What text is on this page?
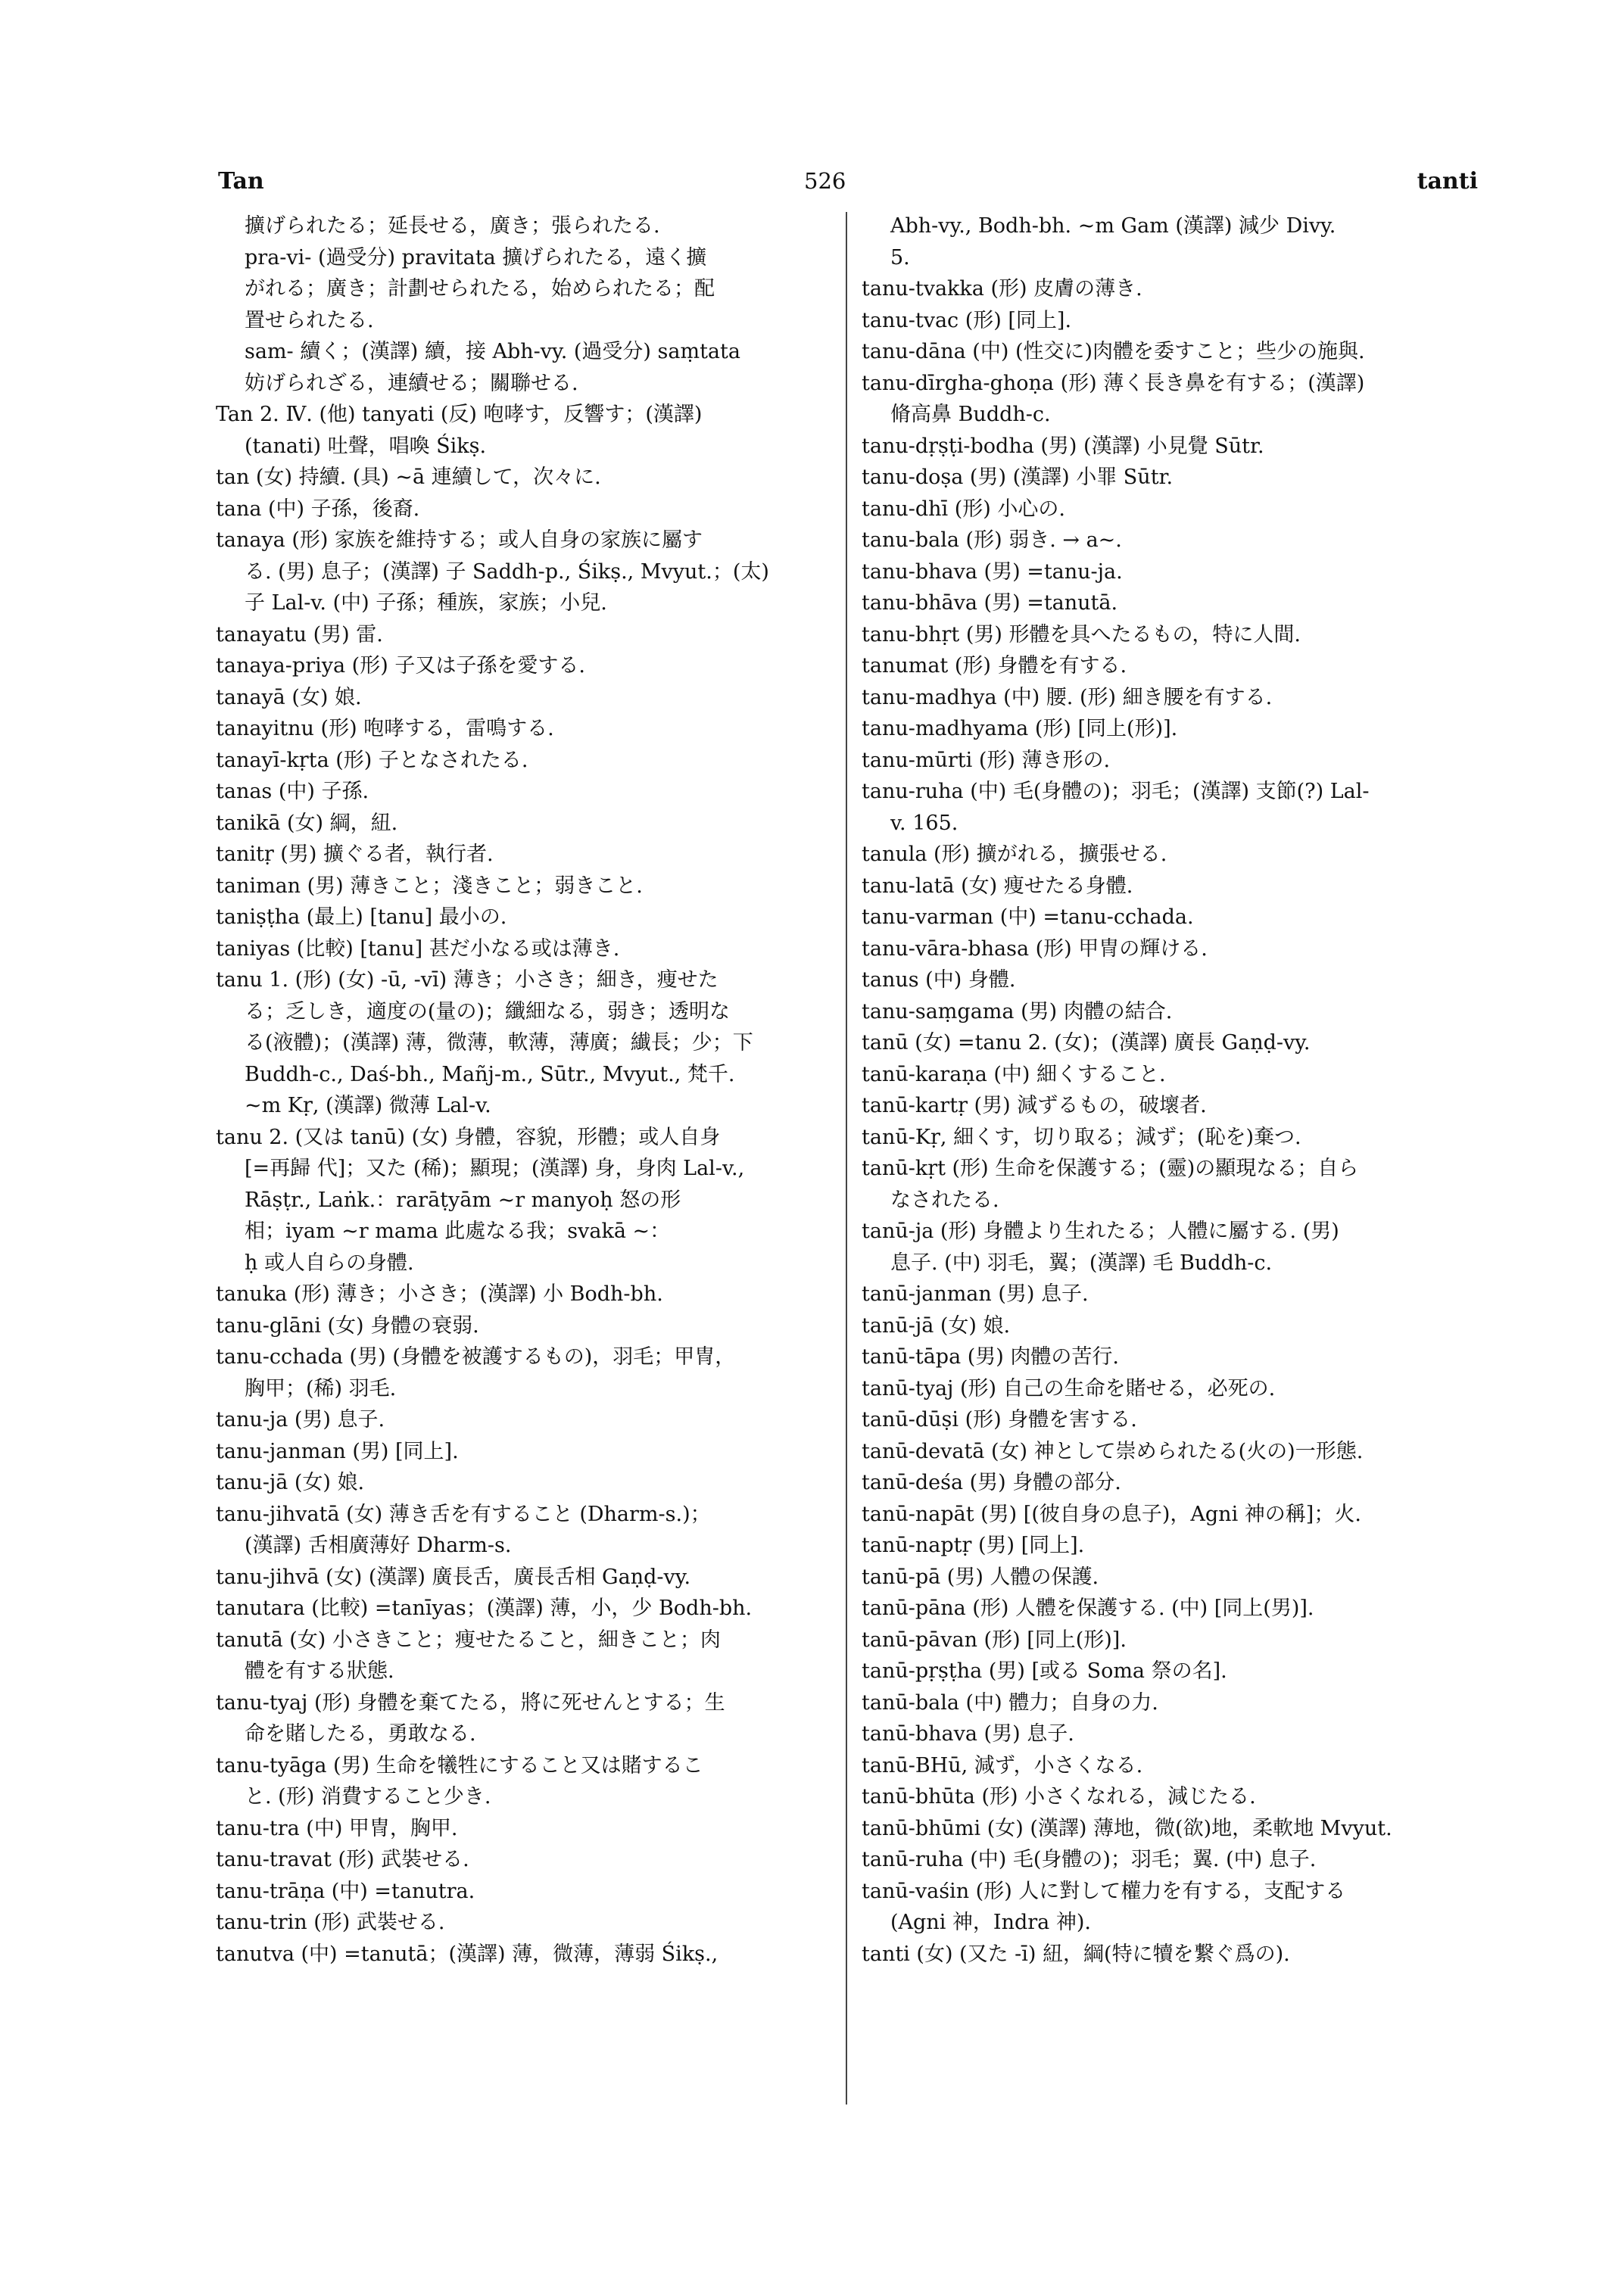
Tan	526	tanti
擴げられたる；延長せる，廣き；張られたる.
pra-vi- (過受分) pravitata 擴げられたる，遠く擴
がれる；廣き；計劃せられたる，始められたる；配
置せられたる.
sam- 續く；(漢譯) 續，接 Abh-vy. (過受分) saṃtata
妨げられざる，連續せる；關聯せる.
Tan 2. Ⅳ. (他) tanyati (反) 咆哮す，反響す；(漢譯)
(tanati) 吐聲，唱喚 Śikṣ.
tan (女) 持續. (具) ~ā 連續して，次々に.
tana (中) 子孫，後裔.
tanaya (形) 家族を維持する；或人自身の家族に屬す
る. (男) 息子；(漢譯) 子 Saddh-p., Śikṣ., Mvyut.；(太)
子 Lal-v. (中) 子孫；種族，家族；小兒.
tanayatu (男) 雷.
tanaya-priya (形) 子又は子孫を愛する.
tanayā (女) 娘.
tanayitnu (形) 咆哮する，雷鳴する.
tanayī-kṛta (形) 子となされたる.
tanas (中) 子孫.
tanikā (女) 綱，紐.
tanitṛ (男) 擴ぐる者，執行者.
taniman (男) 薄きこと；淺きこと；弱きこと.
taniṣṭha (最上) [tanu] 最小の.
taniyas (比較) [tanu] 甚だ小なる或は薄き.
tanu 1. (形) (女) -ū, -vī) 薄き；小さき；細き，痩せた
る；乏しき，適度の(量の)；纖細なる，弱き；透明な
る(液體)；(漢譯) 薄，微薄，軟薄，薄廣；纎長；少；下
Buddh-c., Daś-bh., Mañj-m., Sūtr., Mvyut., 梵千.
~m Kṛ, (漢譯) 微薄 Lal-v.
tanu 2. (又は tanū) (女) 身體，容貌，形體；或人自身
[=再歸 代]；又た (稀)；顯現；(漢譯) 身，身肉 Lal-v.,
Rāṣṭr., Laṅk.：rarāṭyām ~r manyoḥ 怒の形
相；iyam ~r mama 此處なる我；svakā ~：
ḥ 或人自らの身體.
tanuka (形) 薄き；小さき；(漢譯) 小 Bodh-bh.
tanu-glāni (女) 身體の衰弱.
tanu-cchada (男) (身體を被護するもの)，羽毛；甲冑，
胸甲；(稀) 羽毛.
tanu-ja (男) 息子.
tanu-janman (男) [同上].
tanu-jā (女) 娘.
tanu-jihvatā (女) 薄き舌を有すること (Dharm-s.)；
(漢譯) 舌相廣薄好 Dharm-s.
tanu-jihvā (女) (漢譯) 廣長舌，廣長舌相 Gaṇḍ-vy.
tanutara (比較) =tanīyas；(漢譯) 薄，小，少 Bodh-bh.
tanutā (女) 小さきこと；痩せたること，細きこと；肉
體を有する狀態.
tanu-tyaj (形) 身體を棄てたる，將に死せんとする；生
命を賭したる，勇敢なる.
tanu-tyāga (男) 生命を犧牲にすること又は賭するこ
と. (形) 消費すること少き.
tanu-tra (中) 甲冑，胸甲.
tanu-travat (形) 武裝せる.
tanu-trāṇa (中) =tanutra.
tanu-trin (形) 武裝せる.
tanutva (中) =tanutā；(漢譯) 薄，微薄，薄弱 Śikṣ.,
Abh-vy., Bodh-bh. ~m Gam (漢譯) 減少 Divy.
5.
tanu-tvakka (形) 皮膚の薄き.
tanu-tvac (形) [同上].
tanu-dāna (中) (性交に)肉體を委すこと；些少の施與.
tanu-dīrgha-ghoṇa (形) 薄く長き鼻を有する；(漢譯)
脩高鼻 Buddh-c.
tanu-dṛṣṭi-bodha (男) (漢譯) 小見覺 Sūtr.
tanu-doṣa (男) (漢譯) 小罪 Sūtr.
tanu-dhī (形) 小心の.
tanu-bala (形) 弱き. → a~.
tanu-bhava (男) =tanu-ja.
tanu-bhāva (男) =tanutā.
tanu-bhṛt (男) 形體を具へたるもの，特に人間.
tanumat (形) 身體を有する.
tanu-madhya (中) 腰. (形) 細き腰を有する.
tanu-madhyama (形) [同上(形)].
tanu-mūrti (形) 薄き形の.
tanu-ruha (中) 毛(身體の)；羽毛；(漢譯) 支節(?) Lal-
v. 165.
tanula (形) 擴がれる，擴張せる.
tanu-latā (女) 痩せたる身體.
tanu-varman (中) =tanu-cchada.
tanu-vāra-bhasa (形) 甲冑の輝ける.
tanus (中) 身體.
tanu-saṃgama (男) 肉體の結合.
tanū (女) =tanu 2. (女)；(漢譯) 廣長 Gaṇḍ-vy.
tanū-karaṇa (中) 細くすること.
tanū-kartṛ (男) 減ずるもの，破壞者.
tanū-Kṛ, 細くす，切り取る；減ず；(恥を)棄つ.
tanū-kṛt (形) 生命を保護する；(靈)の顯現なる；自ら
なされたる.
tanū-ja (形) 身體より生れたる；人體に屬する. (男)
息子. (中) 羽毛，翼；(漢譯) 毛 Buddh-c.
tanū-janman (男) 息子.
tanū-jā (女) 娘.
tanū-tāpa (男) 肉體の苦行.
tanū-tyaj (形) 自己の生命を賭せる，必死の.
tanū-dūṣi (形) 身體を害する.
tanū-devatā (女) 神として崇められたる(火の)一形態.
tanū-deśa (男) 身體の部分.
tanū-napāt (男) [(彼自身の息子)，Agni 神の稱]；火.
tanū-naptṛ (男) [同上].
tanū-pā (男) 人體の保護.
tanū-pāna (形) 人體を保護する. (中) [同上(男)].
tanū-pāvan (形) [同上(形)].
tanū-pṛṣṭha (男) [或る Soma 祭の名].
tanū-bala (中) 體力；自身の力.
tanū-bhava (男) 息子.
tanū-BHū, 減ず，小さくなる.
tanū-bhūta (形) 小さくなれる，減じたる.
tanū-bhūmi (女) (漢譯) 薄地，微(欲)地，柔軟地 Mvyut.
tanū-ruha (中) 毛(身體の)；羽毛；翼. (中) 息子.
tanū-vaśin (形) 人に對して權力を有する，支配する
(Agni 神，Indra 神).
tanti (女) (又た -ī) 紐，綱(特に犢を繋ぐ爲の).
